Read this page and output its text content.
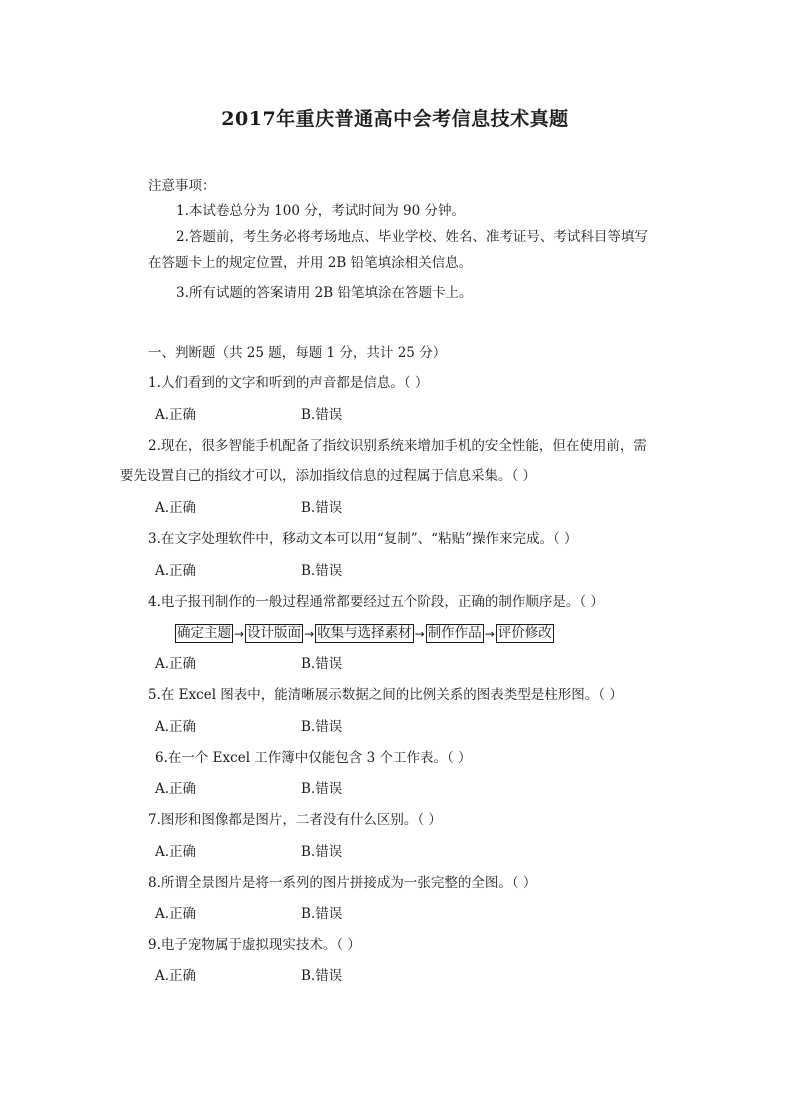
2017年重庆普通高中会考信息技术真题
注意事项：
1.本试卷总分为 100 分，考试时间为 90 分钟。
2.答题前，考生务必将考场地点、毕业学校、姓名、准考证号、考试科目等填写
在答题卡上的规定位置，并用 2B 铅笔填涂相关信息。
3.所有试题的答案请用 2B 铅笔填涂在答题卡上。
一、判断题（共 25 题，每题 1 分，共计 25 分）
1.人们看到的文字和听到的声音都是信息。（ ）
A.正确	B.错误
2.现在，很多智能手机配备了指纹识别系统来增加手机的安全性能，但在使用前，需
要先设置自己的指纹才可以，添加指纹信息的过程属于信息采集。（ ）
A.正确	B.错误
3.在文字处理软件中，移动文本可以用“复制”、“粘贴”操作来完成。（ ）
A.正确	B.错误
4.电子报刊制作的一般过程通常都要经过五个阶段，正确的制作顺序是。（ ）
确定主题 → 设计版面 → 收集与选择素材 → 制作作品 → 评价修改
A.正确	B.错误
5.在 Excel 图表中，能清晰展示数据之间的比例关系的图表类型是柱形图。（ ）
A.正确	B.错误
6.在一个 Excel 工作簿中仅能包含 3 个工作表。（ ）
A.正确	B.错误
7.图形和图像都是图片，二者没有什么区别。（ ）
A.正确	B.错误
8.所谓全景图片是将一系列的图片拼接成为一张完整的全图。（ ）
A.正确	B.错误
9.电子宠物属于虚拟现实技术。（ ）
A.正确	B.错误
